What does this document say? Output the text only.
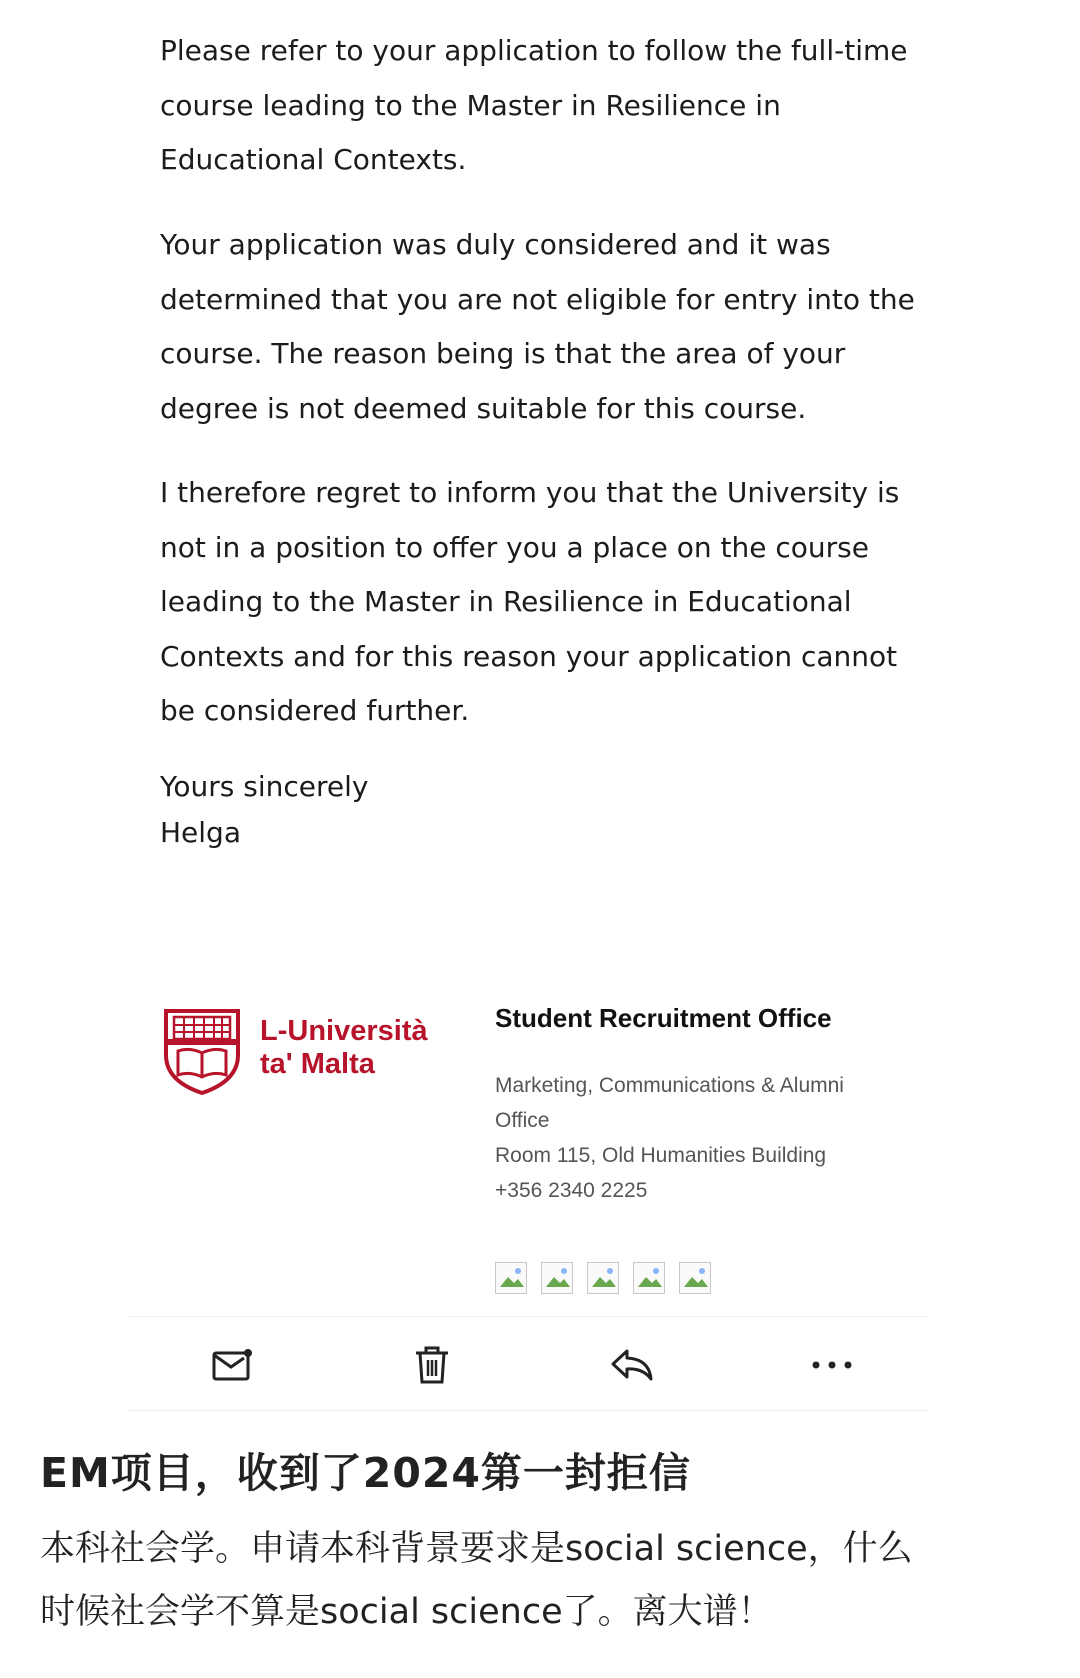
Please refer to your application to follow the full-time

course leading to the Master in Resilience in

Educational Contexts.

Your application was duly considered and it was

determined that you are not eligible for entry into the

course. The reason being is that the area of your

degree is not deemed suitable for this course.

I therefore regret to inform you that the University is

not in a position to offer you a place on the course

leading to the Master in Resilience in Educational

Contexts and for this reason your application cannot

be considered further.

Yours sincerely
Helga
L-Università
ta' Malta
Student Recruitment Office
Marketing, Communications & Alumni
Office
Room 115, Old Humanities Building
+356 2340 2225
EM项目，收到了2024第一封拒信
本科社会学。申请本科背景要求是social science，什么
时候社会学不算是social science了。离大谱！
